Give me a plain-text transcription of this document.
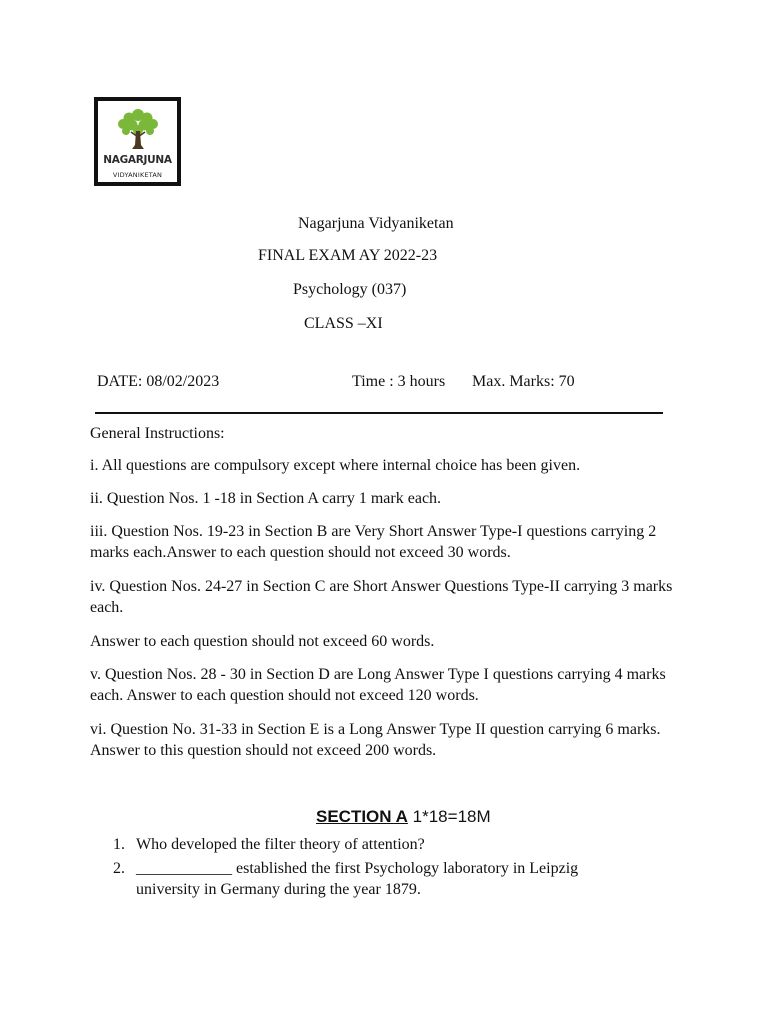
NAGARJUNA
VIDYANIKETAN
Nagarjuna Vidyaniketan
FINAL EXAM AY 2022-23
Psychology (037)
CLASS –XI
DATE: 08/02/2023	Time : 3 hours Max. Marks: 70
General Instructions:
i. All questions are compulsory except where internal choice has been given.
ii. Question Nos. 1 -18 in Section A carry 1 mark each.
iii. Question Nos. 19-23 in Section B are Very Short Answer Type-I questions carrying 2 marks each.Answer to each question should not exceed 30 words.
iv. Question Nos. 24-27 in Section C are Short Answer Questions Type-II carrying 3 marks each.
Answer to each question should not exceed 60 words.
v. Question Nos. 28 - 30 in Section D are Long Answer Type I questions carrying 4 marks each. Answer to each question should not exceed 120 words.
vi. Question No. 31-33 in Section E is a Long Answer Type II question carrying 6 marks. Answer to this question should not exceed 200 words.
SECTION A 1*18=18M
1. Who developed the filter theory of attention?
2. ____________ established the first Psychology laboratory in Leipzig university in Germany during the year 1879.
